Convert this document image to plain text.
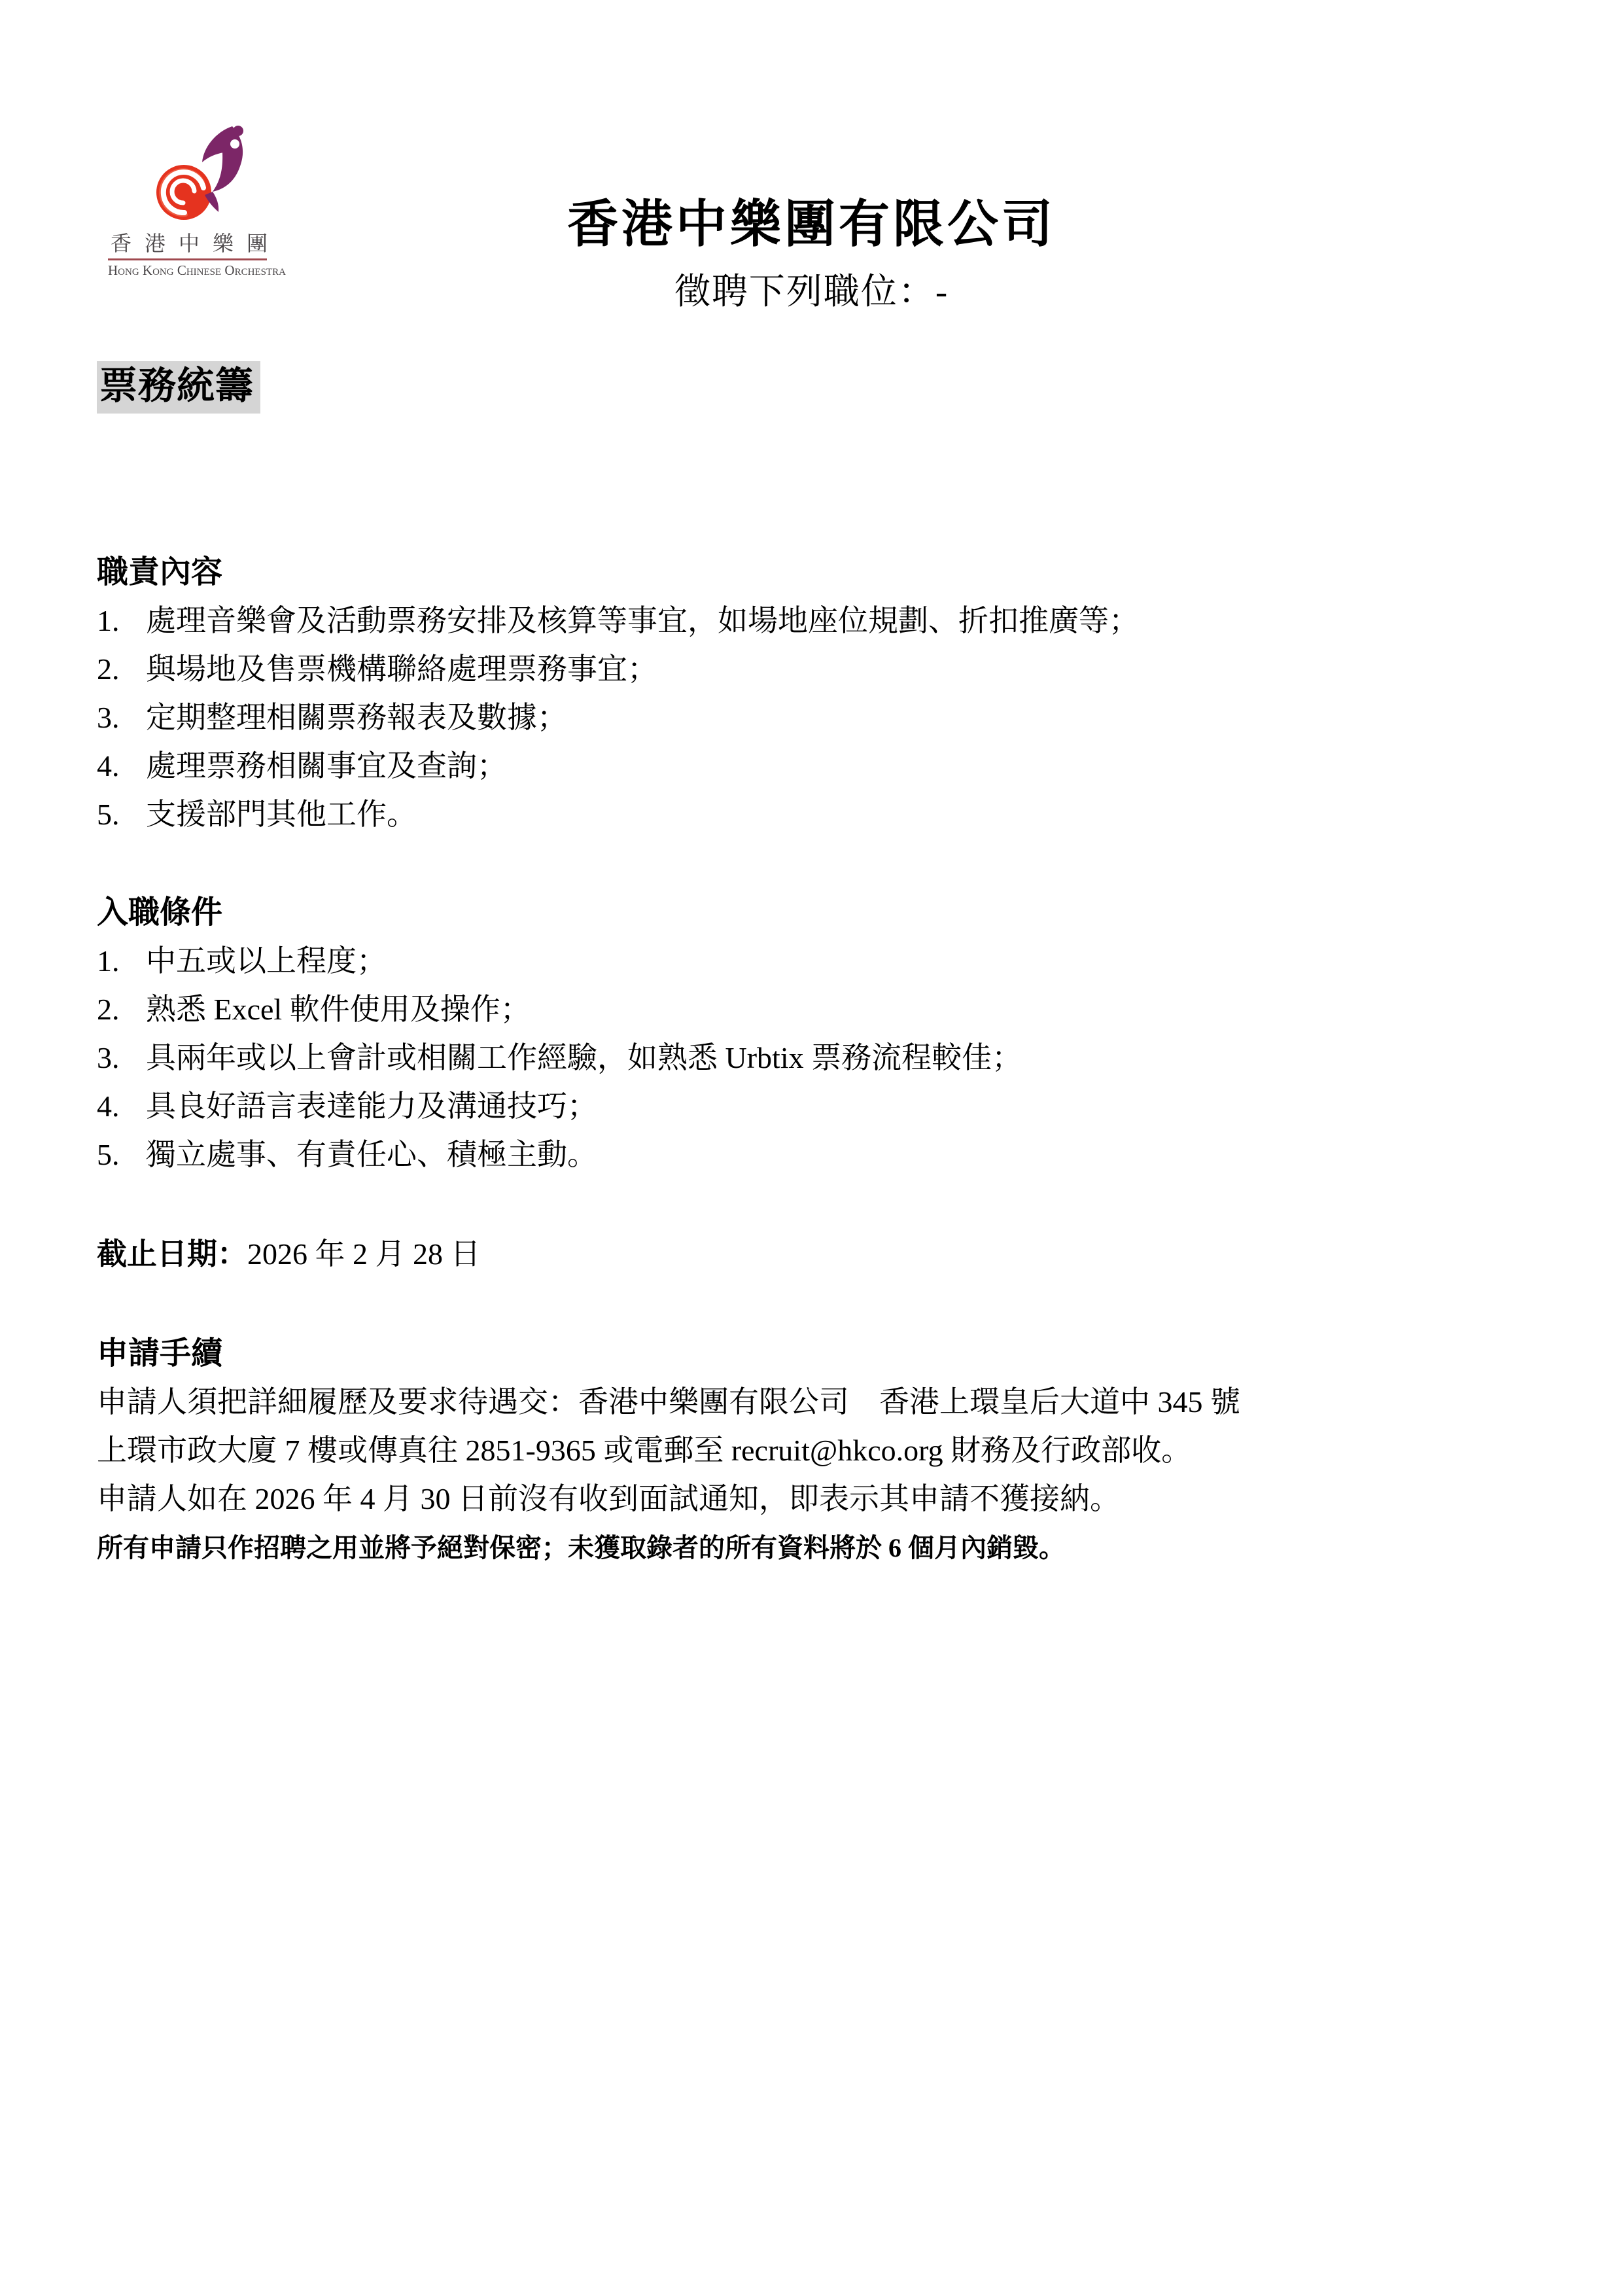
香港中樂團
Hong Kong Chinese Orchestra
香港中樂團有限公司
徵聘下列職位：-
票務統籌
職責內容
1. 處理音樂會及活動票務安排及核算等事宜，如場地座位規劃、折扣推廣等；
2. 與場地及售票機構聯絡處理票務事宜；
3. 定期整理相關票務報表及數據；
4. 處理票務相關事宜及查詢；
5. 支援部門其他工作。
入職條件
1. 中五或以上程度；
2. 熟悉 Excel 軟件使用及操作；
3. 具兩年或以上會計或相關工作經驗，如熟悉 Urbtix 票務流程較佳；
4. 具良好語言表達能力及溝通技巧；
5. 獨立處事、有責任心、積極主動。
截止日期：2026 年 2 月 28 日
申請手續
申請人須把詳細履歷及要求待遇交：香港中樂團有限公司　香港上環皇后大道中 345 號
上環市政大廈 7 樓或傳真往 2851-9365 或電郵至 recruit@hkco.org 財務及行政部收。
申請人如在 2026 年 4 月 30 日前沒有收到面試通知，即表示其申請不獲接納。
所有申請只作招聘之用並將予絕對保密；未獲取錄者的所有資料將於 6 個月內銷毀。
